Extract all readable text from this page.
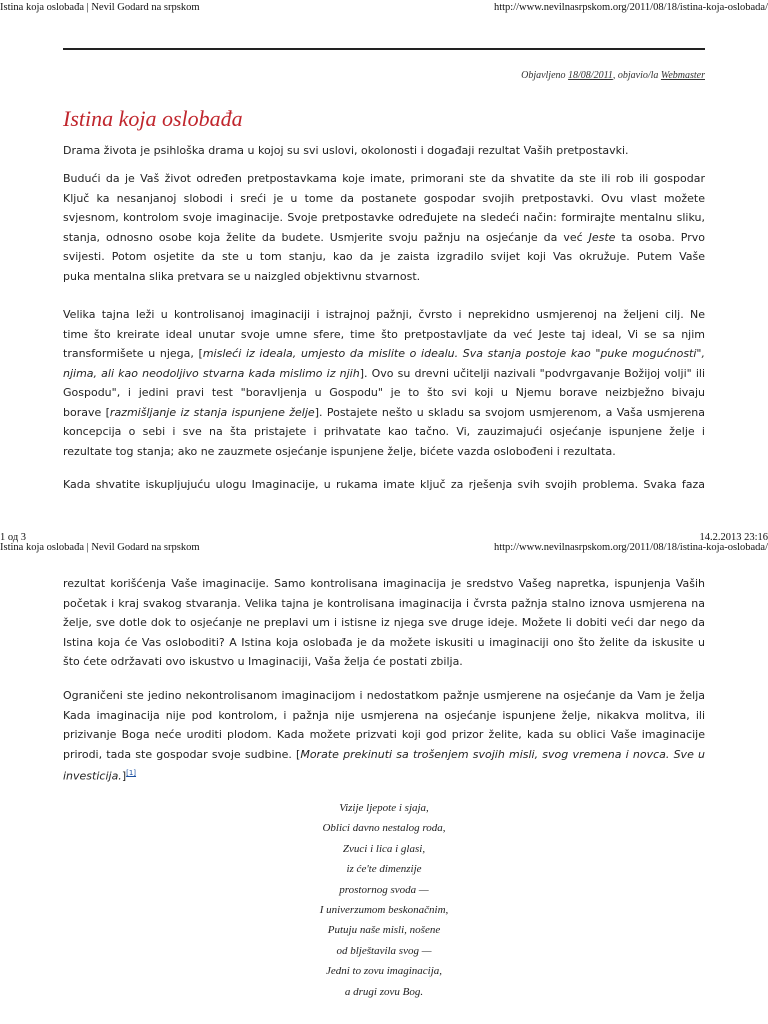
Istina koja oslobađa | Nevil Godard na srpskom	http://www.nevilnasrpskom.org/2011/08/18/istina-koja-oslobada/
Objavljeno 18/08/2011, objavio/la Webmaster
Istina koja oslobađa
Drama života je psihloška drama u kojoj su svi uslovi, okolonosti i događaji rezultat Vaših pretpostavki.
Budući da je Vaš život određen pretpostavkama koje imate, primorani ste da shvatite da ste ili rob ili gospodar
Ključ ka nesanjanoj slobodi i sreći je u tome da postanete gospodar svojih pretpostavki. Ovu vlast možete
svjesnom, kontrolom svoje imaginacije. Svoje pretpostavke određujete na sledeći način: formirajte mentalnu sliku,
stanja, odnosno osobe koja želite da budete. Usmjerite svoju pažnju na osjećanje da već Jeste ta osoba. Prvo
svijesti. Potom osjetite da ste u tom stanju, kao da je zaista izgradilo svijet koji Vas okružuje. Putem Vaše
puka mentalna slika pretvara se u naizgled objektivnu stvarnost.
Velika tajna leži u kontrolisanoj imaginaciji i istrajnoj pažnji, čvrsto i neprekidno usmjerenoj na željeni cilj. Ne
time što kreirate ideal unutar svoje umne sfere, time što pretpostavljate da već Jeste taj ideal, Vi se sa njim
transformišete u njega, [mislеći iz ideala, umjesto da mislite o idealu. Sva stanja postoje kao "puke mogućnosti",
njima, ali kao neodoljivo stvarna kada mislimo iz njih]. Ovo su drevni učitelji nazivali "podvrgavanje Božijoj volji" ili
Gospodu", i jedini pravi test "boravljenja u Gospodu" je to što svi koji u Njemu borave neizbježno bivaju
borave [razmišljanje iz stanja ispunjene želje]. Postajete nešto u skladu sa svojom usmjerenom, a Vaša usmjerena
koncepcija o sebi i sve na šta pristajete i prihvatate kao tačno. Vi, zauzimajući osjećanje ispunjene želje i
rezultate tog stanja; ako ne zauzmete osjećanje ispunjene želje, bićete vazda oslobođeni i rezultata.
Kada shvatite iskupljujuću ulogu Imaginacije, u rukama imate ključ za rješenja svih svojih problema. Svaka faza
1 од 3	14.2.2013 23:16
Istina koja oslobađa | Nevil Godard na srpskom	http://www.nevilnasrpskom.org/2011/08/18/istina-koja-oslobada/
rezultat korišćenja Vaše imaginacije. Samo kontrolisana imaginacija je sredstvo Vašeg napretka, ispunjenja Vaših
početak i kraj svakog stvaranja. Velika tajna je kontrolisana imaginacija i čvrsta pažnja stalno iznova usmjerena na
želje, sve dotle dok to osjećanje ne preplavi um i istisne iz njega sve druge ideje. Možete li dobiti veći dar nego da
Istina koja će Vas osloboditi? A Istina koja oslobađa je da možete iskusiti u imaginaciji ono što želite da iskusite u
što ćete održavati ovo iskustvo u Imaginaciji, Vaša želja će postati zbilja.
Ograničeni ste jedino nekontrolisanom imaginacijom i nedostatkom pažnje usmjerene na osjećanje da Vam je želja
Kada imaginacija nije pod kontrolom, i pažnja nije usmjerena na osjećanje ispunjene želje, nikakva molitva, ili
prizivanje Boga neće uroditi plodom. Kada možete prizvati koji god prizor želite, kada su oblici Vaše imaginacije
prirodi, tada ste gospodar svoje sudbine. [Morate prekinuti sa trošenjem svojih misli, svog vremena i novca. Sve u
investicija.][1]
Vizije ljepote i sjaja,
Oblici davno nestalog roda,
Zvuci i lica i glasi,
iz će'te dimenzije
prostornog svoda —
I univerzumom beskonačnim,
Putuju naše misli, nošene
od blještavila svog —
Jedni to zovu imaginacija,
a drugi zovu Bog.
